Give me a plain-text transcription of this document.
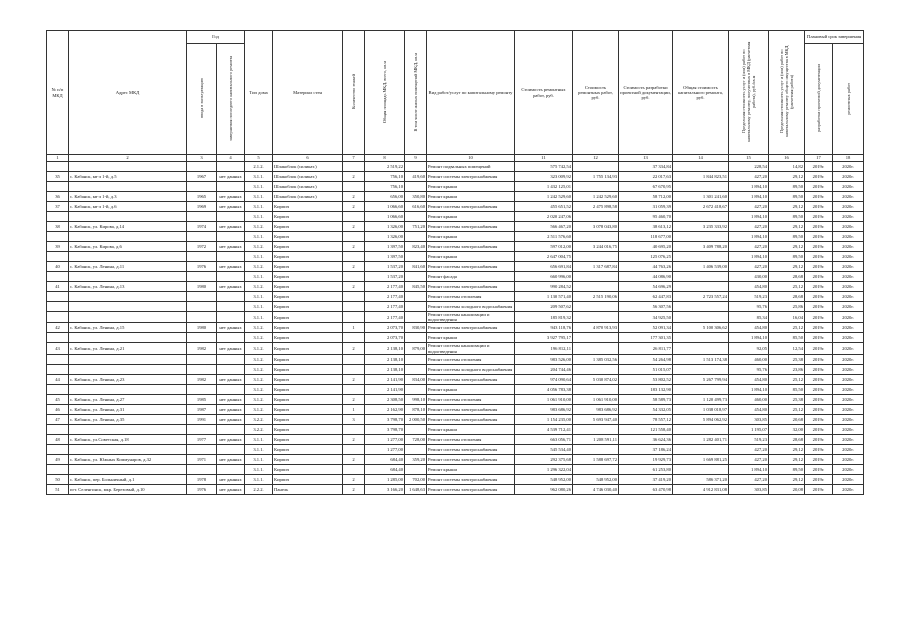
№ п/п МКД	Адрес МКД	Год		Тип дома	Материал стен	Количество этажей	Общая площадь МКД, всего, кв.м	В том числе жилых помещений МКД, кв.м	Вид работ/услуг по капитальному ремонту	Стоимость ремонтных работ, руб.	Стоимость ремонтных работ, руб.	Стоимость разработки проектной документации, руб.	Общая стоимость капитального ремонта, руб.	Предельная стоимость услуг и (или) работ по капитальному ремонту, полученных в МКД (расчетная работа), руб./кв.м	Предельная стоимость услуг и (или) работ по капитальному ремонту общего имущества в МКД (расчетная работа)	Плановый срок завершения	
		ввода в эксплуатацию	завершения последнего капитального ремонта													разработки проектной документации	ремонтных работ
1	2	3	4	5	6	7	8	9	10	11	12	13	14	15	16	17	18
				2.1.2.	Шлакоблок (силикат.)		2 519,22		Ремонт подвальных помещений	575 742,54		37 334,84		228,54	14,82	2019г.	2020г.
35	с. Кабанск, кв-л 1-й, д.5	1967	нет данных	3.1.1.	Шлакоблок (силикат.)	2	756,10	419,60	Ремонт системы электроснабжения	323 009,92	1 755 134,93	22 017,63	1 844 823,51	427,20	29,12	2019г.	2020г.
				3.1.1.	Шлакоблок (силикат.)		756,10		Ремонт крыши	1 432 125,01		67 670,95		1 894,10	89,50	2019г.	2020г.
36	с. Кабанск, кв-л 1-й, д.3	1965	нет данных	3.1.1.	Шлакоблок (силикат.)	2	656,00	350,80	Ремонт крыши	1 242 529,60	1 242 529,60	58 712,00	1 301 241,60	1 894,10	89,50	2019г.	2020г.
37	с. Кабанск, кв-л 1-й, д.6	1969	нет данных	3.1.1.	Кирпич	2	1 066,60	616,60	Ремонт системы электроснабжения	455 651,52	2 475 898,58	31 059,39	2 672 418,67	427,20	29,12	2019г.	2020г.
				3.1.1.	Кирпич		1 066,60		Ремонт крыши	2 020 247,06		95 460,70		1 894,10	89,50	2019г.	2020г.
38	с. Кабанск, ул. Кирова, д.14	1974	нет данных	3.1.2.	Кирпич	2	1 326,00	751,20	Ремонт системы электроснабжения	566 467,20	3 078 043,80	38 613,12	3 235 333,92	427,20	29,12	2019г.	2020г.
				3.1.1.	Кирпич		1 326,00		Ремонт крыши	2 511 576,60		118 677,00		1 894,10	89,50	2019г.	2020г.
39	с. Кабанск, ул. Кирова, д.6	1972	нет данных	3.1.2.	Кирпич	2	1 397,50	823,40	Ремонт системы электроснабжения	597 012,00	3 244 016,75	40 695,20	3 409 788,20	427,20	29,12	2019г.	2020г.
				3.1.1.	Кирпич		1 397,50		Ремонт крыши	2 647 004,75		125 076,25		1 894,10	89,50	2019г.	2020г.
40	с. Кабанск, ул. Ленина, д.11	1976	нет данных	3.1.2.	Кирпич	2	1 537,20	841,60	Ремонт системы электроснабжения	656 691,84	1 317 687,84	44 763,26	1 406 539,00	427,20	29,12	2019г.	2020г.
				3.1.1.	Кирпич		1 537,20		Ремонт фасада	660 996,00		44 086,90		430,00	28,68	2019г.	2020г.
41	с. Кабанск, ул. Ленина, д.13	1980	нет данных	3.1.2.	Кирпич	2	2 177,40	845,50	Ремонт системы электроснабжения	990 284,52		54 696,29		454,80	25,12	2019г.	2020г.
				3.1.1.	Кирпич		2 177,40		Ремонт системы отопления	1 130 571,40	2 515 190,06	62 447,83	2 723 557,24	519,23	28,68	2019г.	2020г.
				3.1.1.	Кирпич		2 177,40		Ремонт системы холодного водоснабжения	209 507,62		56 307,56		95,76	25,86	2019г.	2020г.
				3.1.1.	Кирпич		2 177,40		Ремонт системы канализации и водоотведения	185 819,32		34 925,50		85,34	16,04	2019г.	2020г.
42	с. Кабанск, ул. Ленина, д.15	1980	нет данных	3.1.2.	Кирпич	1	2 073,70	830,90	Ремонт системы электроснабжения	943 118,76	4 870 913,93	52 091,34	5 100 306,62	454,80	25,12	2019г.	2020г.
				3.1.2.	Кирпич		2 073,70		Ремонт крыши	3 927 795,17		177 301,35		1 894,10	85,50	2019г.	2020г.
43	с. Кабанск, ул. Ленина, д.21	1982	нет данных	3.1.2.	Кирпич	2	2 138,10	879,00	Ремонт системы канализации и водоотведения	196 812,11		26 811,77		92,05	12,54	2019г.	2020г.
				3.1.2.	Кирпич		2 138,10		Ремонт системы отопления	983 526,00	1 385 032,56	54 264,98	1 513 174,38	460,00	25,38	2019г.	2020г.
				3.1.2.	Кирпич		2 138,10		Ремонт системы холодного водоснабжения	204 744,46		51 015,07		95,76	23,86	2019г.	2020г.
44	с. Кабанск, ул. Ленина, д.23	1982	нет данных	3.1.2.	Кирпич	2	2 141,90	834,00	Ремонт системы электроснабжения	974 090,64	5 030 874,02	53 802,52	5 267 799,94	454,80	25,12	2019г.	2020г.
				3.1.2.	Кирпич		2 141,90		Ремонт крыши	4 056 783,38		183 132,90		1 894,10	85,50	2019г.	2020г.
45	с. Кабанск, ул. Ленина, д.27	1985	нет данных	3.1.2.	Кирпич	2	2 308,50	998,10	Ремонт системы отопления	1 061 910,00	1 061 910,00	58 589,73	1 120 499,73	460,00	25,38	2019г.	2020г.
46	с. Кабанск, ул. Ленина, д.31	1987	нет данных	3.1.2.	Кирпич	1	2 162,90	878,10	Ремонт системы электроснабжения	983 686,92	983 686,92	54 332,05	1 038 018,97	454,80	25,12	2019г.	2020г.
47	с. Кабанск, ул. Ленина, д.35	1991	нет данных	3.2.2.	Кирпич	3	3 798,70	2 000,50	Ремонт системы электроснабжения	1 154 235,00	5 693 947,40	78 557,12	5 894 062,92	303,85	20,68	2019г.	2020г.
				3.2.2.	Кирпич		3 798,70		Ремонт крыши	4 539 712,41		121 558,40		1 195,07	32,00	2019г.	2020г.
48	с. Кабанск, ул.Советская, д.18	1977	нет данных	3.1.1.	Кирпич	2	1 277,00	728,00	Ремонт системы отопления	663 056,71	1 208 591,11	36 624,36	1 282 401,71	519,23	28,68	2019г.	2020г.
				3.1.1.	Кирпич		1 277,00		Ремонт системы электроснабжения	545 534,40		37 186,24		427,20	29,12	2019г.	2020г.
49	с. Кабанск, ул. Южных Коммунаров, д.32	1971	нет данных	3.1.1.	Кирпич	2	684,40	359,20	Ремонт системы электроснабжения	292 375,68	1 588 697,72	19 929,73	1 669 881,25	427,20	29,12	2019г.	2020г.
				3.1.1.	Кирпич		684,40		Ремонт крыши	1 296 322,04		61 253,80		1 894,10	89,50	2019г.	2020г.
50	с. Кабанск, пер. Больничный, д.1	1978	нет данных	3.1.1.	Кирпич	2	1 285,00	702,00	Ремонт системы электроснабжения	548 952,00	548 952,00	37 419,20	586 371,20	427,20	29,12	2019г.	2020г.
51	пгт. Селенгинск, мкр. Березовый, д.10	1976	нет данных	2.2.2.	Панель	2	3 166,20	1 648,63	Ремонт системы электроснабжения	962 080,26	4 746 030,40	63 470,98	4 912 831,08	303,85	20,08	2019г.	2020г.
